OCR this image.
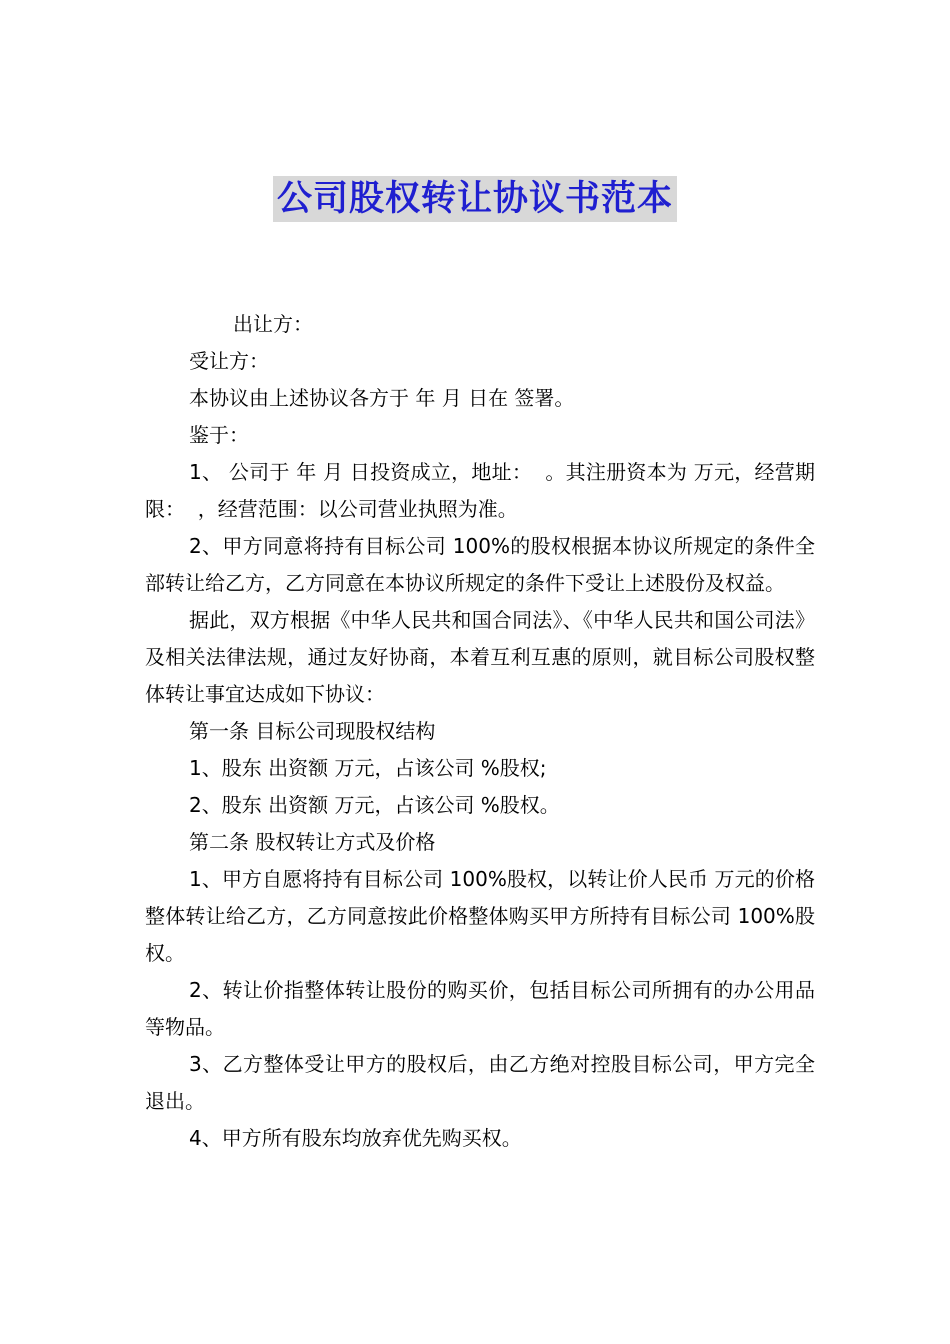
公司股权转让协议书范本

出让方：

受让方：

本协议由上述协议各方于 年 月 日在 签署。

鉴于：

1、 公司于 年 月 日投资成立，地址：  。其注册资本为 万元，经营期限：  ，经营范围：以公司营业执照为准。

2、甲方同意将持有目标公司 100%的股权根据本协议所规定的条件全部转让给乙方，乙方同意在本协议所规定的条件下受让上述股份及权益。

据此，双方根据《中华人民共和国合同法》、《中华人民共和国公司法》及相关法律法规，通过友好协商，本着互利互惠的原则，就目标公司股权整体转让事宜达成如下协议：

第一条 目标公司现股权结构

1、股东 出资额 万元，占该公司 %股权;

2、股东 出资额 万元，占该公司 %股权。

第二条 股权转让方式及价格

1、甲方自愿将持有目标公司 100%股权，以转让价人民币 万元的价格整体转让给乙方，乙方同意按此价格整体购买甲方所持有目标公司 100%股权。

2、转让价指整体转让股份的购买价，包括目标公司所拥有的办公用品等物品。

3、乙方整体受让甲方的股权后，由乙方绝对控股目标公司，甲方完全退出。

4、甲方所有股东均放弃优先购买权。
